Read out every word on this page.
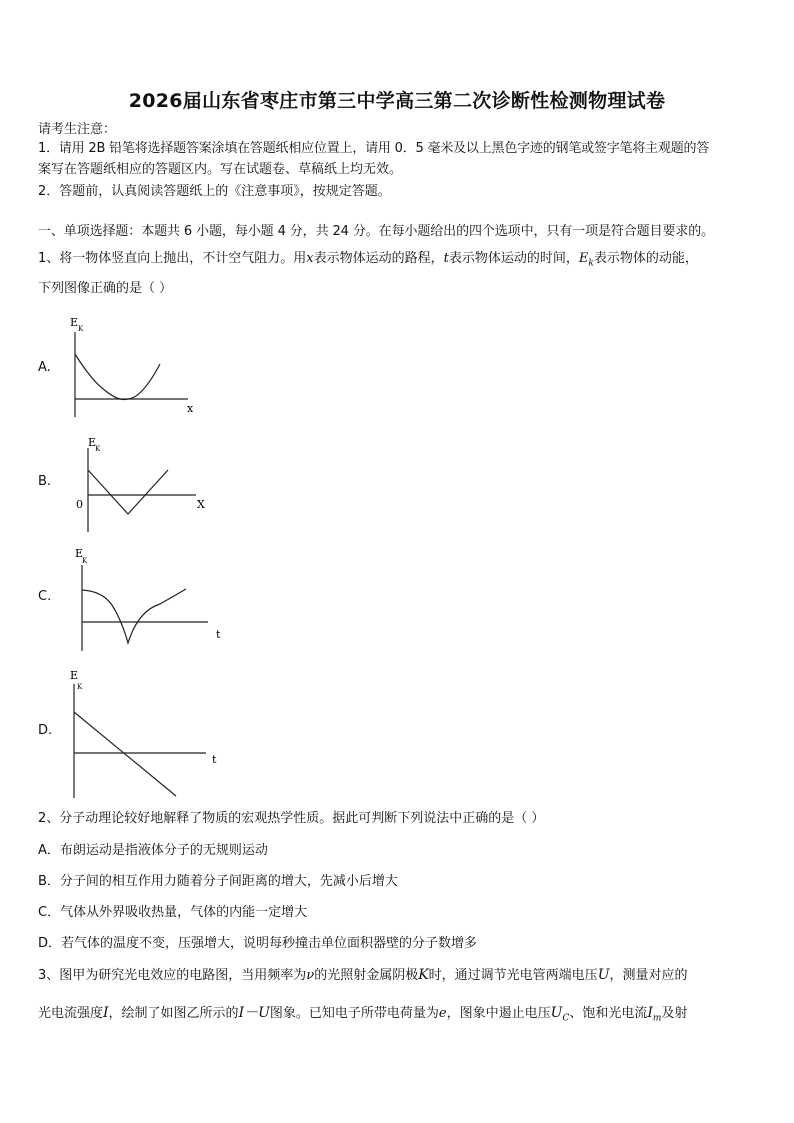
2026届山东省枣庄市第三中学高三第二次诊断性检测物理试卷
请考生注意：
1．请用 2B 铅笔将选择题答案涂填在答题纸相应位置上，请用 0．5 毫米及以上黑色字迹的钢笔或签字笔将主观题的答
案写在答题纸相应的答题区内。写在试题卷、草稿纸上均无效。
2．答题前，认真阅读答题纸上的《注意事项》，按规定答题。
一、单项选择题：本题共 6 小题，每小题 4 分，共 24 分。在每小题给出的四个选项中，只有一项是符合题目要求的。
1、将一物体竖直向上抛出，不计空气阻力。用x表示物体运动的路程，t表示物体运动的时间，$E_k$表示物体的动能，
下列图像正确的是（ ）
A.
E K
x
B.
E
K
0	X
C.
E
K
t
D.
E
K
t
2、分子动理论较好地解释了物质的宏观热学性质。据此可判断下列说法中正确的是（ ）
A．布朗运动是指液体分子的无规则运动
B．分子间的相互作用力随着分子间距离的增大，先减小后增大
C．气体从外界吸收热量，气体的内能一定增大
D．若气体的温度不变，压强增大，说明每秒撞击单位面积器壁的分子数增多
3、图甲为研究光电效应的电路图，当用频率为ν的光照射金属阴极K时，通过调节光电管两端电压U，测量对应的
光电流强度I，绘制了如图乙所示的I－U图象。已知电子所带电荷量为e，图象中遏止电压$U_C$、饱和光电流$I_m$及射
